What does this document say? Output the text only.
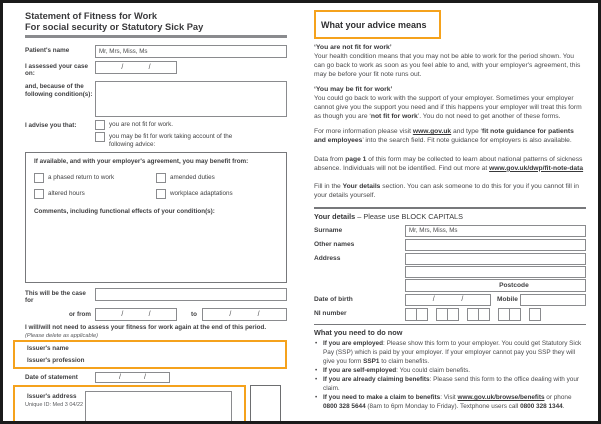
Statement of Fitness for Work
For social security or Statutory Sick Pay
Patient's name	Mr, Mrs, Miss, Ms
I assessed your case on:
/	/
and, because of the following condition(s):
I advise you that:	you are not fit for work.
you may be fit for work taking account of the following advice:
If available, and with your employer's agreement, you may benefit from:
a phased return to work	amended duties
altered hours	workplace adaptations
Comments, including functional effects of your condition(s):
This will be the case for
or from	/	/	to	/	/
I will/will not need to assess your fitness for work again at the end of this period.
(Please delete as applicable)
Issuer's name
Issuer's profession
Date of statement	/	/
Unique ID: Med 3 04/22
Issuer's address
What your advice means
‘You are not fit for work’
Your health condition means that you may not be able to work for the period shown. You can go back to work as soon as you feel able to and, with your employer's agreement, this may be before your fit note runs out.
‘You may be fit for work’
You could go back to work with the support of your employer. Sometimes your employer cannot give you the support you need and if this happens your employer will treat this form as though you are ‘not fit for work’. You do not need to get another of these forms.
For more information please visit www.gov.uk and type ‘fit note guidance for patients and employees’ into the search field. Fit note guidance for employers is also available.
Data from page 1 of this form may be collected to learn about national patterns of sickness absence. Individuals will not be identified. Find out more at www.gov.uk/dwp/fit-note-data
Fill in the Your details section. You can ask someone to do this for you if you cannot fill in your details yourself.
Your details – Please use BLOCK CAPITALS
Surname	Mr, Mrs, Miss, Ms
Other names
Address
Postcode
Date of birth	/	/	Mobile
NI number
What you need to do now
• If you are employed: Please show this form to your employer. You could get Statutory Sick Pay (SSP) which is paid by your employer. If your employer cannot pay you SSP they will give you form SSP1 to claim benefits.
• If you are self-employed: You could claim benefits.
• If you are already claiming benefits: Please send this form to the office dealing with your claim.
• If you need to make a claim to benefits: Visit www.gov.uk/browse/benefits or phone 0800 328 5644 (8am to 6pm Monday to Friday). Textphone users call 0800 328 1344.
